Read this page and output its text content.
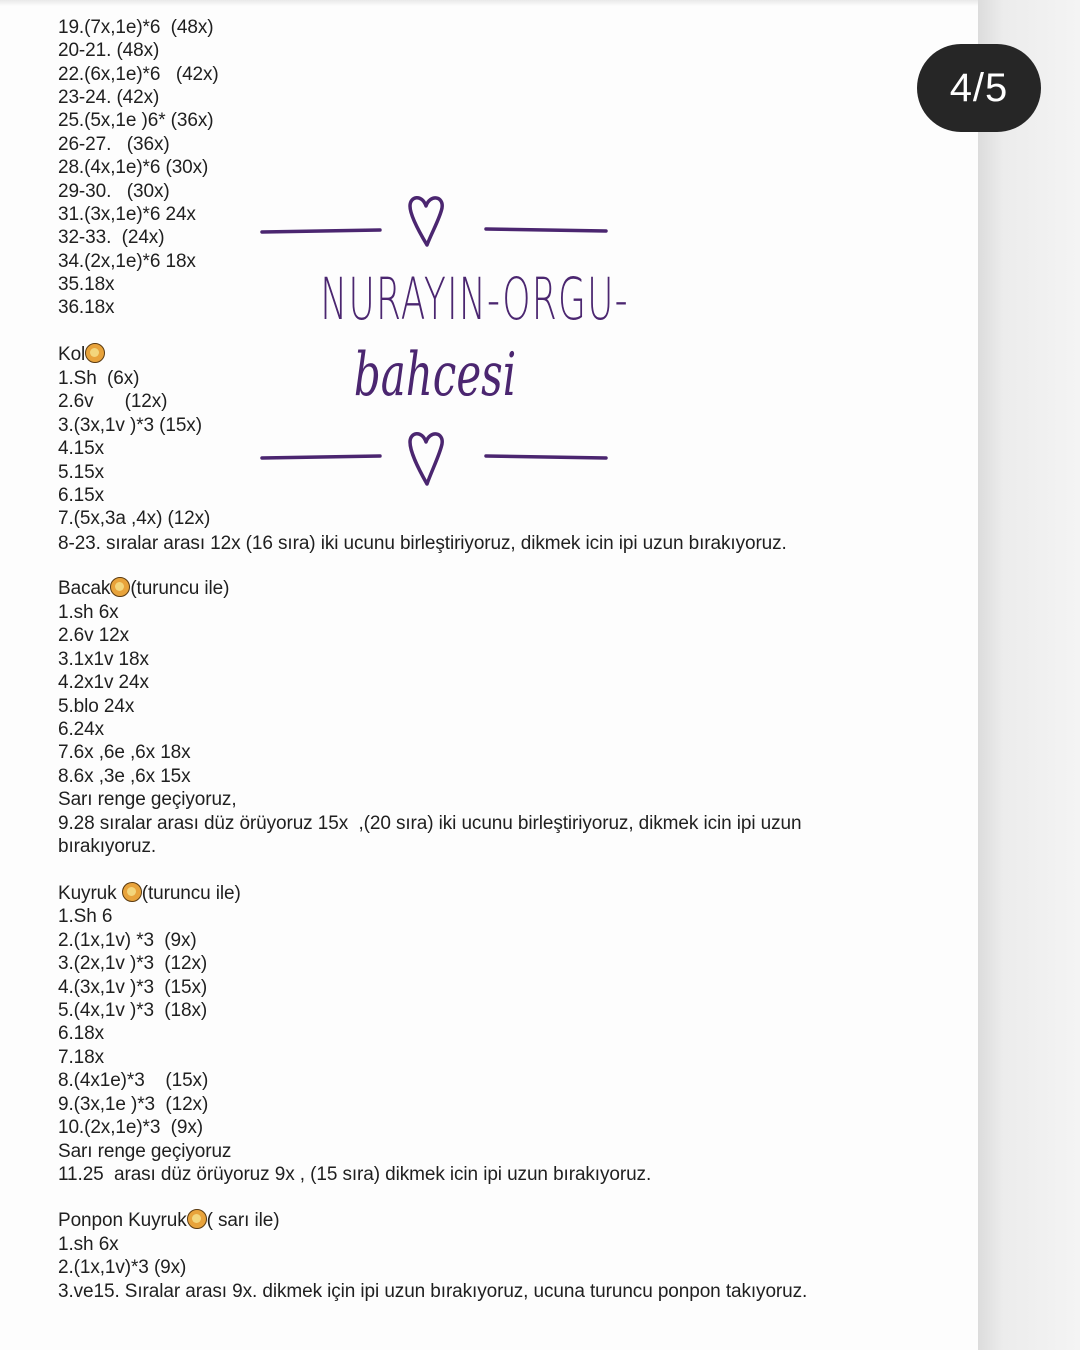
4/5
19.(7x,1e)*6  (48x)
20-21. (48x)
22.(6x,1e)*6   (42x)
23-24. (42x)
25.(5x,1e )6* (36x)
26-27.   (36x)
28.(4x,1e)*6 (30x)
29-30.   (30x)
31.(3x,1e)*6 24x
32-33.  (24x)
34.(2x,1e)*6 18x
35.18x
36.18x
Kol
1.Sh  (6x)
2.6v      (12x)
3.(3x,1v )*3 (15x)
4.15x
5.15x
6.15x
7.(5x,3a ,4x) (12x)
8-23. sıralar arası 12x (16 sıra) iki ucunu birleştiriyoruz, dikmek icin ipi uzun bırakıyoruz.
Bacak (turuncu ile)
1.sh 6x
2.6v 12x
3.1x1v 18x
4.2x1v 24x
5.blo 24x
6.24x
7.6x ,6e ,6x 18x
8.6x ,3e ,6x 15x
Sarı renge geçiyoruz,
9.28 sıralar arası düz örüyoruz 15x  ,(20 sıra) iki ucunu birleştiriyoruz, dikmek icin ipi uzun
bırakıyoruz.
Kuyruk (turuncu ile)
1.Sh 6
2.(1x,1v) *3  (9x)
3.(2x,1v )*3  (12x)
4.(3x,1v )*3  (15x)
5.(4x,1v )*3  (18x)
6.18x
7.18x
8.(4x1e)*3    (15x)
9.(3x,1e )*3  (12x)
10.(2x,1e)*3  (9x)
Sarı renge geçiyoruz
11.25  arası düz örüyoruz 9x , (15 sıra) dikmek icin ipi uzun bırakıyoruz.
Ponpon Kuyruk ( sarı ile)
1.sh 6x
2.(1x,1v)*3 (9x)
3.ve15. Sıralar arası 9x. dikmek için ipi uzun bırakıyoruz, ucuna turuncu ponpon takıyoruz.
NURAYIN-ORGU-
bahcesi
